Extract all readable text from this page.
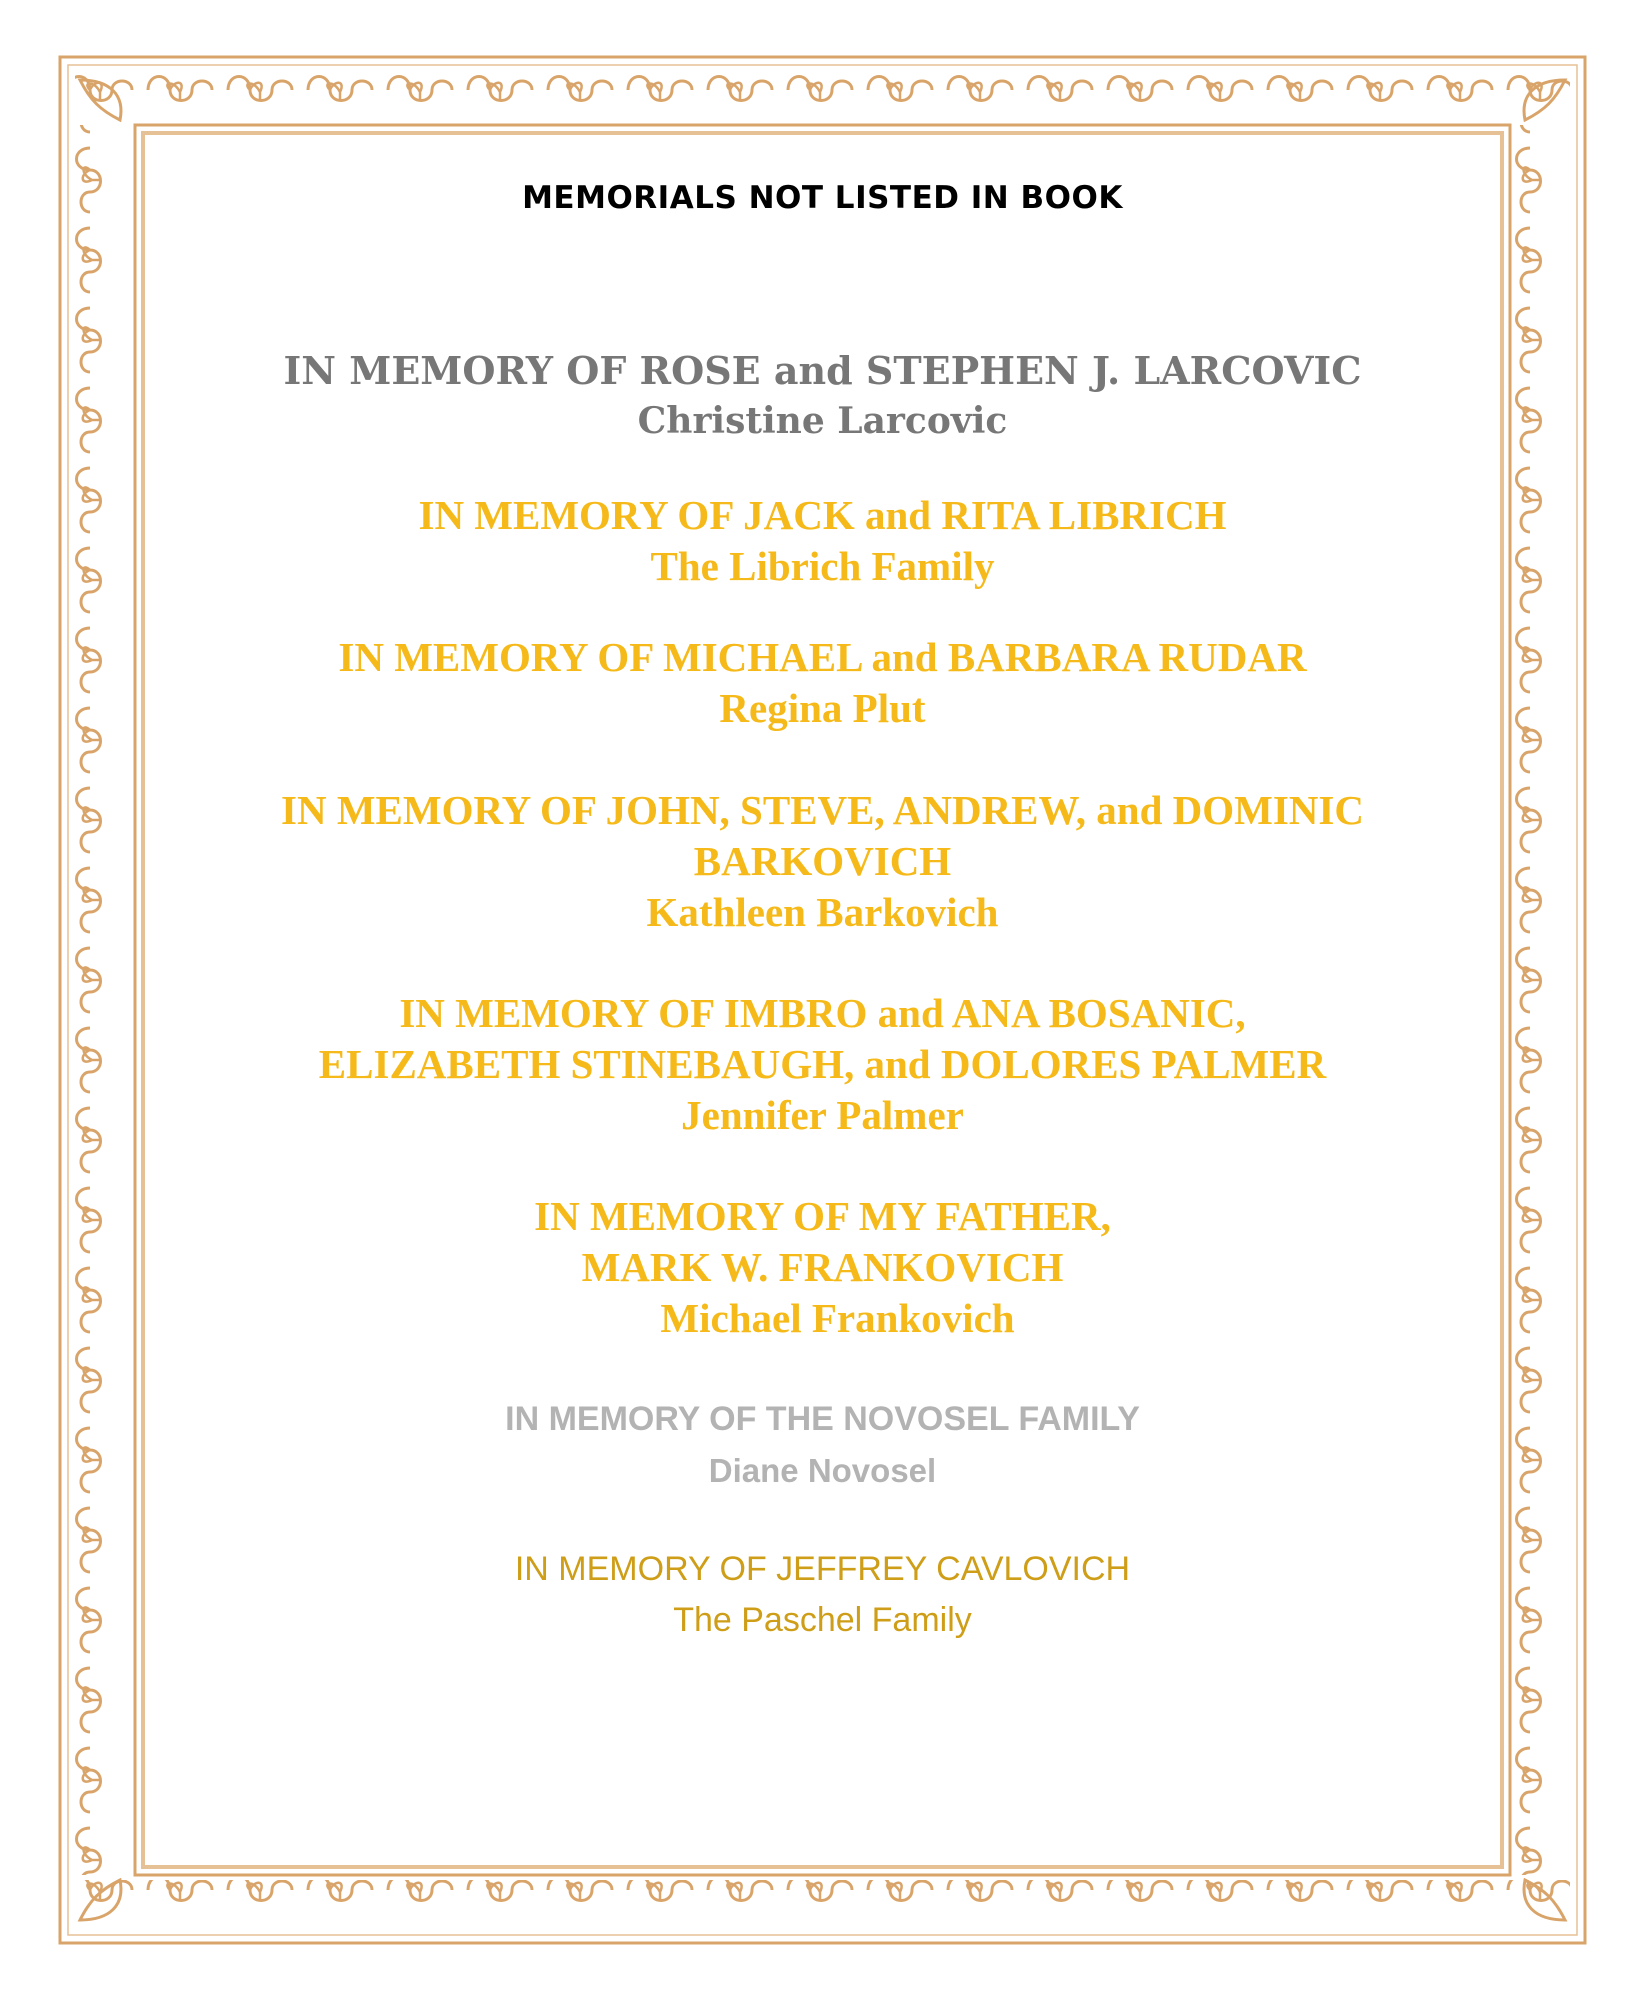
MEMORIALS NOT LISTED IN BOOK
IN MEMORY OF ROSE and STEPHEN J. LARCOVIC
Christine Larcovic
IN MEMORY OF JACK and RITA LIBRICH
The Librich Family
IN MEMORY OF MICHAEL and BARBARA RUDAR
Regina Plut
IN MEMORY OF JOHN, STEVE, ANDREW, and DOMINIC
BARKOVICH
Kathleen Barkovich
IN MEMORY OF IMBRO and ANA BOSANIC,
ELIZABETH STINEBAUGH, and DOLORES PALMER
Jennifer Palmer
IN MEMORY OF MY FATHER,
MARK W. FRANKOVICH
Michael Frankovich
IN MEMORY OF THE NOVOSEL FAMILY
Diane Novosel
IN MEMORY OF JEFFREY CAVLOVICH
The Paschel Family
